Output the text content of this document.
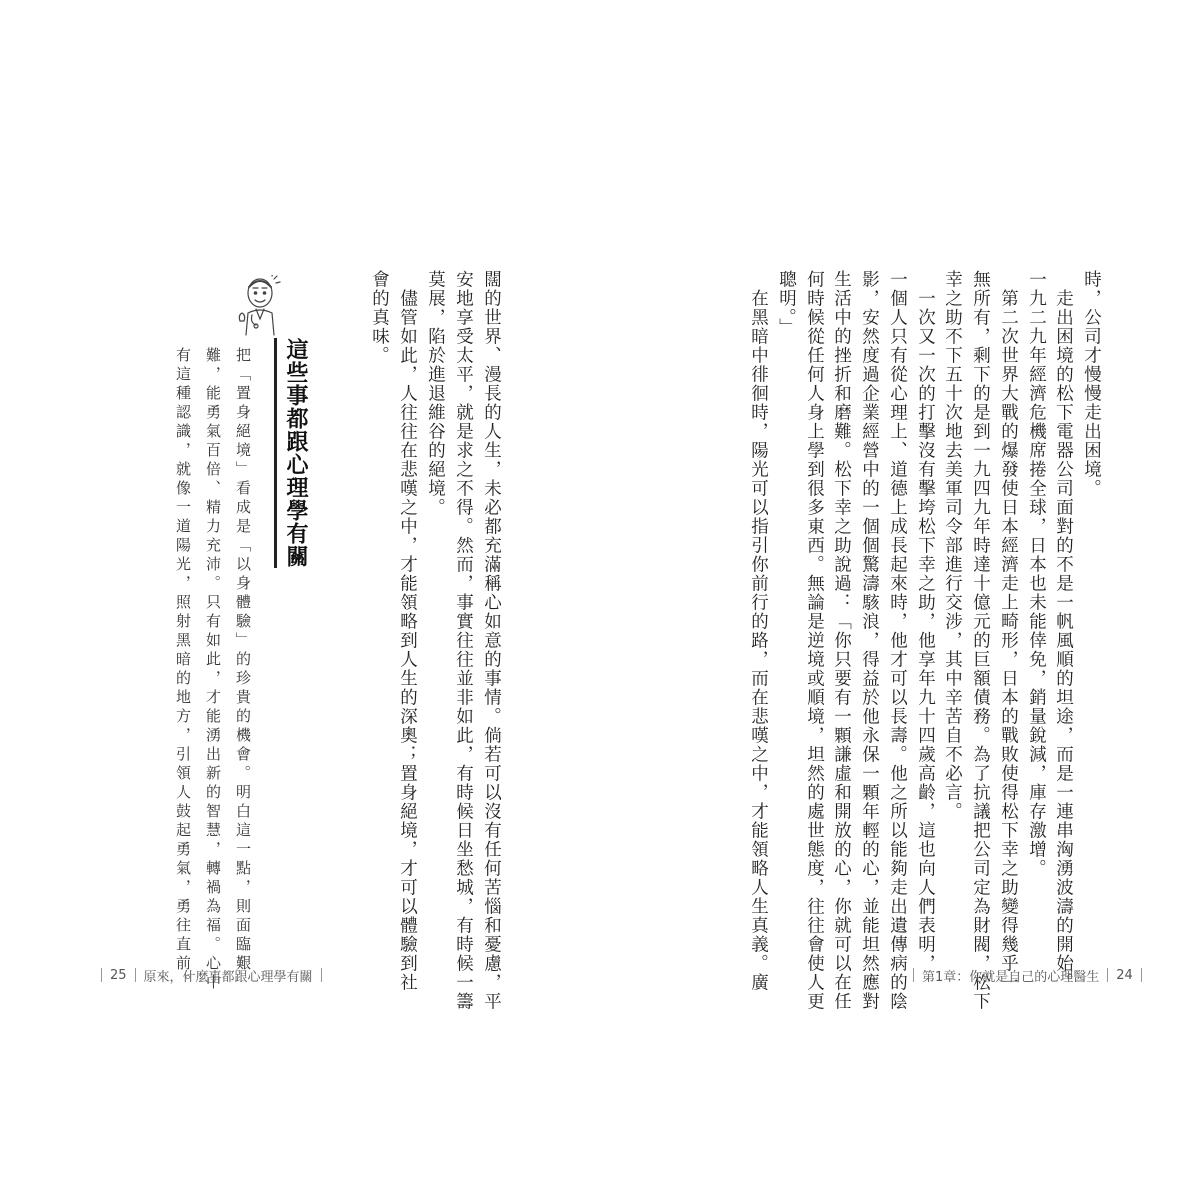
時，公司才慢慢走出困境。
　走出困境的松下電器公司面對的不是一帆風順的坦途，而是一連串洶湧波濤的開始。
一九二九年經濟危機席捲全球，日本也未能倖免，銷量銳減，庫存激增。
　第二次世界大戰的爆發使日本經濟走上畸形，日本的戰敗使得松下幸之助變得幾乎一
無所有，剩下的是到一九四九年時達十億元的巨額債務。為了抗議把公司定為財閥，松下
幸之助不下五十次地去美軍司令部進行交涉，其中辛苦自不必言。
　一次又一次的打擊沒有擊垮松下幸之助，他享年九十四歲高齡，這也向人們表明，
一個人只有從心理上、道德上成長起來時，他才可以長壽。他之所以能夠走出遺傳病的陰
影，安然度過企業經營中的一個個驚濤駭浪，得益於他永保一顆年輕的心，並能坦然應對
生活中的挫折和磨難。松下幸之助說過：「你只要有一顆謙虛和開放的心，你就可以在任
何時候從任何人身上學到很多東西。無論是逆境或順境，坦然的處世態度，往往會使人更
聰明。」
　在黑暗中徘徊時，陽光可以指引你前行的路，而在悲嘆之中，才能領略人生真義。廣
闊的世界、漫長的人生，未必都充滿稱心如意的事情。倘若可以沒有任何苦惱和憂慮，平
安地享受太平，就是求之不得。然而，事實往往並非如此，有時候日坐愁城，有時候一籌
莫展，陷於進退維谷的絕境。
　儘管如此，人往往在悲嘆之中，才能領略到人生的深奧；置身絕境，才可以體驗到社
會的真味。
這些事都跟心理學有關
把「置身絕境」看成是「以身體驗」的珍貴的機會。明白這一點，則面臨艱
難，能勇氣百倍、精力充沛。只有如此，才能湧出新的智慧，轉禍為福。心中
有這種認識，就像一道陽光，照射黑暗的地方，引領人鼓起勇氣，勇往直前。
25 原來，什麼事都跟心理學有關	第1章：你就是自己的心理醫生 24
